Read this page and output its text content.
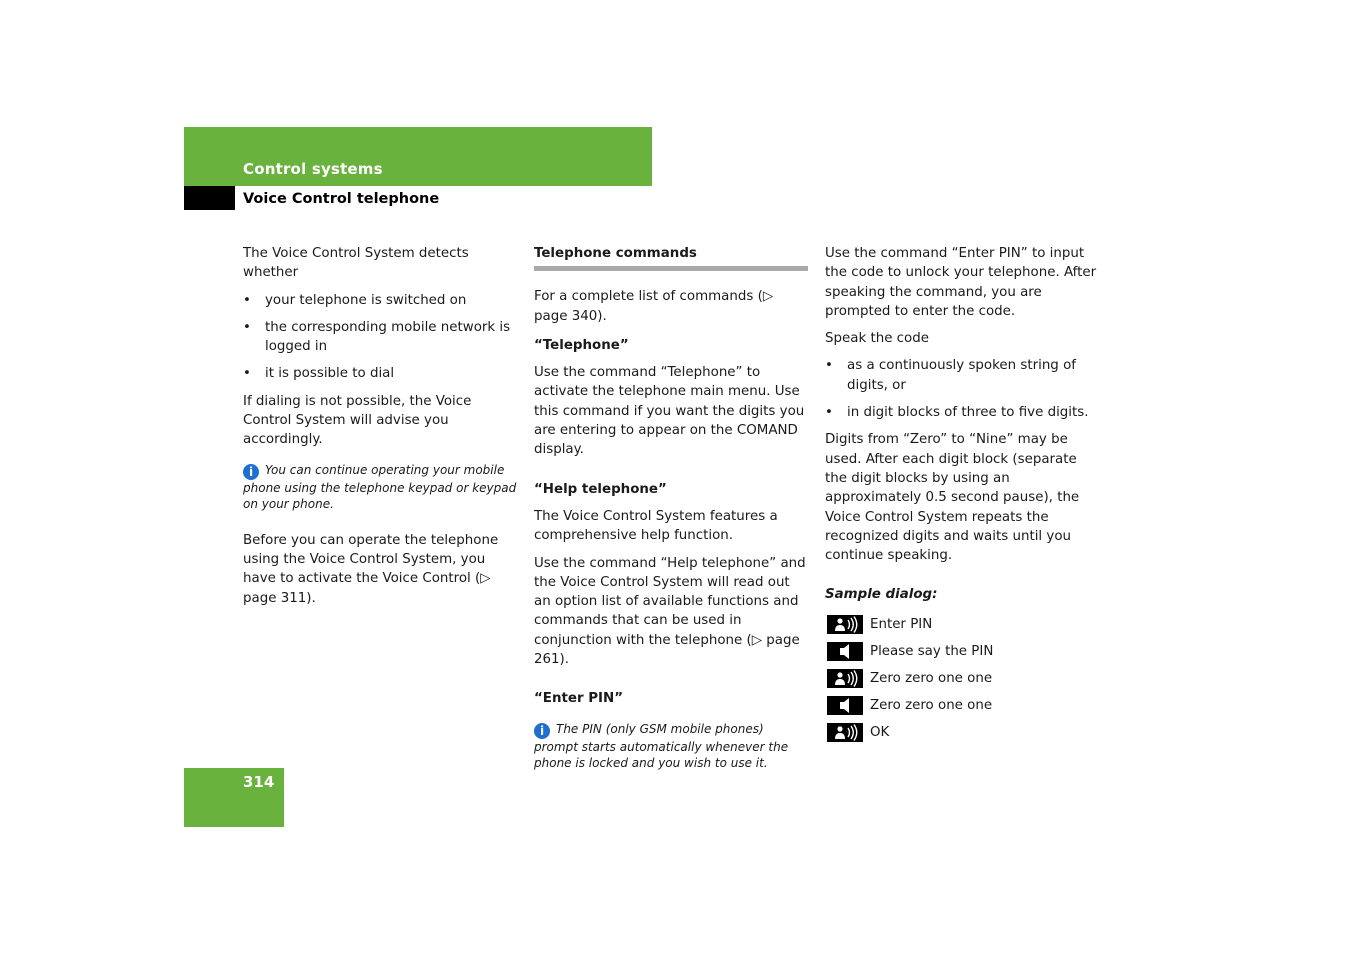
Control systems
Voice Control telephone

The Voice Control System detects whether

• your telephone is switched on
• the corresponding mobile network is logged in
• it is possible to dial

If dialing is not possible, the Voice Control System will advise you accordingly.

i You can continue operating your mobile phone using the telephone keypad or keypad on your phone.

Before you can operate the telephone using the Voice Control System, you have to activate the Voice Control (▷ page 311).

Telephone commands

For a complete list of commands (▷ page 340).

“Telephone”

Use the command “Telephone” to activate the telephone main menu. Use this command if you want the digits you are entering to appear on the COMAND display.

“Help telephone”

The Voice Control System features a comprehensive help function.

Use the command “Help telephone” and the Voice Control System will read out an option list of available functions and commands that can be used in conjunction with the telephone (▷ page 261).

“Enter PIN”
i The PIN (only GSM mobile phones) prompt starts automatically whenever the phone is locked and you wish to use it.

Use the command “Enter PIN” to input the code to unlock your telephone. After speaking the command, you are prompted to enter the code.

Speak the code

• as a continuously spoken string of digits, or
• in digit blocks of three to five digits.

Digits from “Zero” to “Nine” may be used. After each digit block (separate the digit blocks by using an approximately 0.5 second pause), the Voice Control System repeats the recognized digits and waits until you continue speaking.

Sample dialog:
Enter PIN
Please say the PIN
Zero zero one one
Zero zero one one
OK
314
